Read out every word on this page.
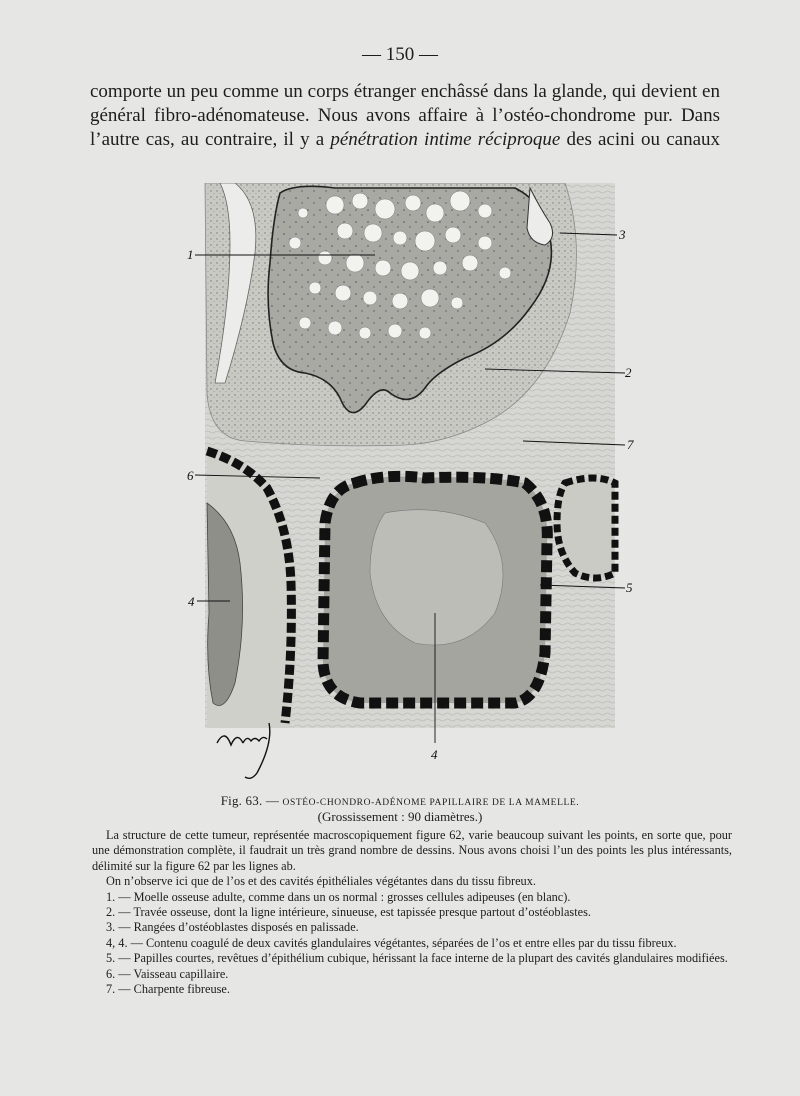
— 150 —
comporte un peu comme un corps étranger enchâssé dans la glande, qui devient en
général fibro-adénomateuse. Nous avons affaire à l’ostéo-chondrome pur. Dans
l’autre cas, au contraire, il y a pénétration intime réciproque des acini ou canaux
1
3
2
7
6
5
4
4
Fig. 63. — OSTÉO-CHONDRO-ADÉNOME PAPILLAIRE DE LA MAMELLE.
(Grossissement : 90 diamètres.)

La structure de cette tumeur, représentée macroscopiquement figure 62, varie beaucoup suivant les points, en sorte que, pour une démonstration complète, il faudrait un très grand nombre de dessins. Nous avons choisi l’un des points les plus intéressants, délimité sur la figure 62 par les lignes ab.

On n’observe ici que de l’os et des cavités épithéliales végétantes dans du tissu fibreux.

1. — Moelle osseuse adulte, comme dans un os normal : grosses cellules adipeuses (en blanc).

2. — Travée osseuse, dont la ligne intérieure, sinueuse, est tapissée presque partout d’ostéoblastes.

3. — Rangées d’ostéoblastes disposés en palissade.

4, 4. — Contenu coagulé de deux cavités glandulaires végétantes, séparées de l’os et entre elles par du tissu fibreux.

5. — Papilles courtes, revêtues d’épithélium cubique, hérissant la face interne de la plupart des cavités glandulaires modifiées.

6. — Vaisseau capillaire.

7. — Charpente fibreuse.
